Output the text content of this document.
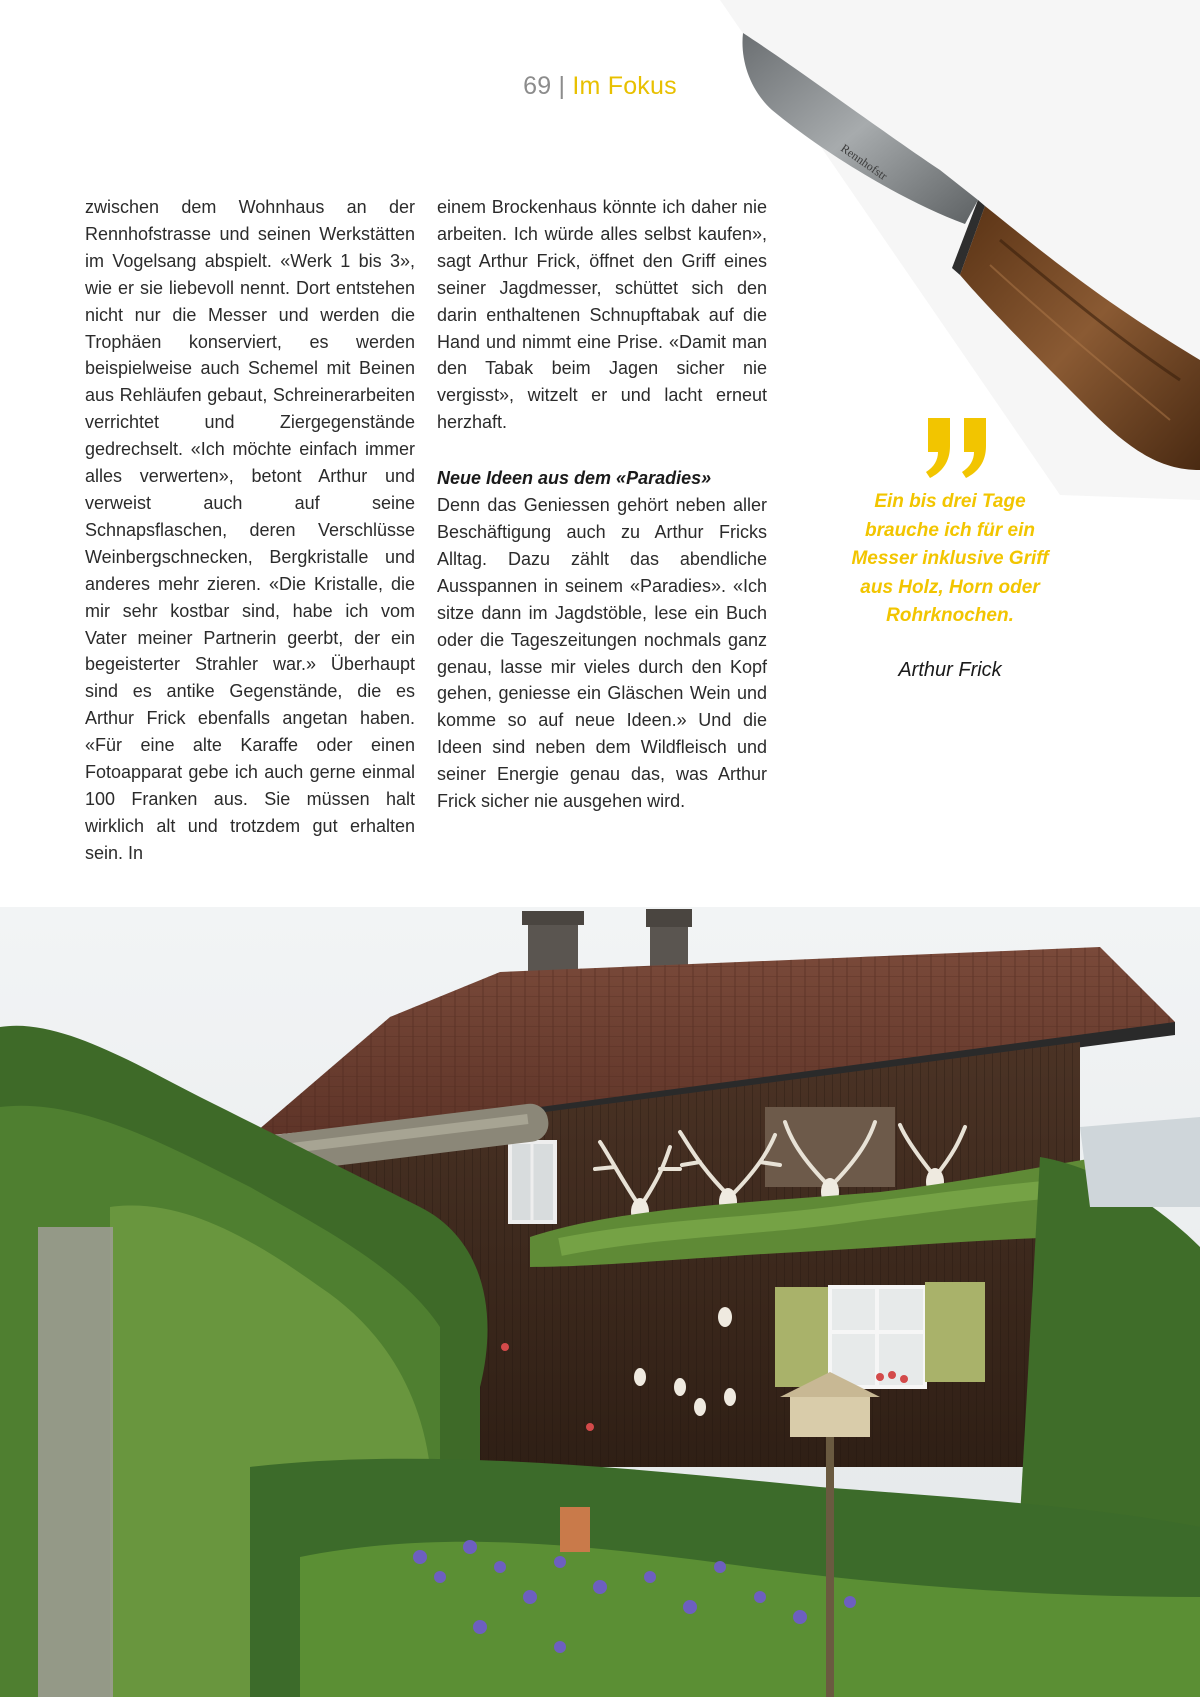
69 | Im Fokus
Rennhofstr

zwischen dem Wohnhaus an der Rennhofstrasse und seinen Werkstätten im Vogelsang abspielt. «Werk 1 bis 3», wie er sie liebevoll nennt. Dort entstehen nicht nur die Messer und werden die Trophäen konserviert, es werden beispielweise auch Schemel mit Beinen aus Rehläufen gebaut, Schreinerarbeiten verrichtet und Ziergegenstände gedrechselt. «Ich möchte einfach immer alles verwerten», betont Arthur und verweist auch auf seine Schnapsflaschen, deren Verschlüsse Weinbergschnecken, Bergkristalle und anderes mehr zieren. «Die Kristalle, die mir sehr kostbar sind, habe ich vom Vater meiner Partnerin geerbt, der ein begeisterter Strahler war.» Überhaupt sind es antike Gegenstände, die es Arthur Frick ebenfalls angetan haben. «Für eine alte Karaffe oder einen Fotoapparat gebe ich auch gerne einmal 100 Franken aus. Sie müssen halt wirklich alt und trotzdem gut erhalten sein. In

einem Brockenhaus könnte ich daher nie arbeiten. Ich würde alles selbst kaufen», sagt Arthur Frick, öffnet den Griff eines seiner Jagdmesser, schüttet sich den darin enthaltenen Schnupftabak auf die Hand und nimmt eine Prise. «Damit man den Tabak beim Jagen sicher nie vergisst», witzelt er und lacht erneut herzhaft.

Neue Ideen aus dem «Paradies»

Denn das Geniessen gehört neben aller Beschäftigung auch zu Arthur Fricks Alltag. Dazu zählt das abendliche Ausspannen in seinem «Paradies». «Ich sitze dann im Jagdstöble, lese ein Buch oder die Tageszeitungen nochmals ganz genau, lasse mir vieles durch den Kopf gehen, geniesse ein Gläschen Wein und komme so auf neue Ideen.» Und die Ideen sind neben dem Wildfleisch und seiner Energie genau das, was Arthur Frick sicher nie ausgehen wird.

Ein bis drei Tage brauche ich für ein Messer inklusive Griff aus Holz, Horn oder Rohrknochen.
Arthur Frick
